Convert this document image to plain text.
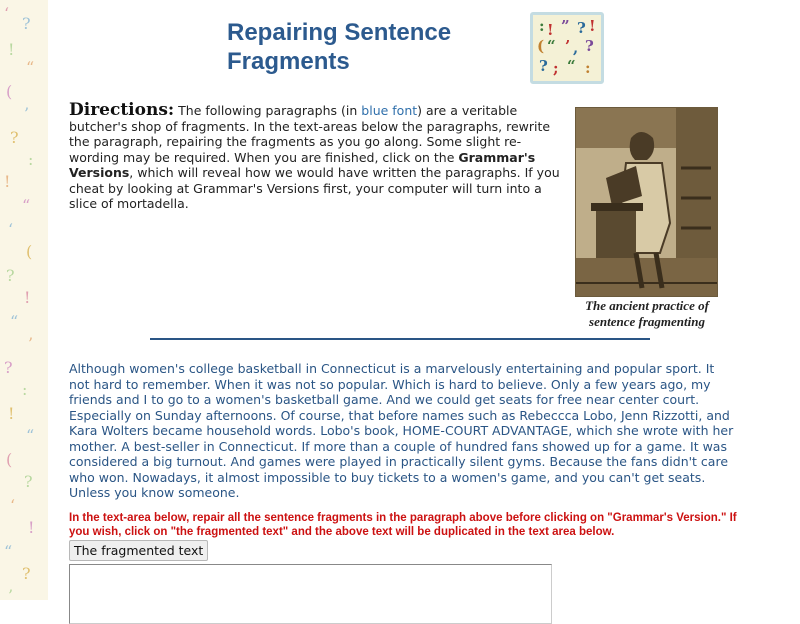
‘
?
!
“
(
’
?
:
!
“
‘
(
?
!
“
’
?
:
!
“
(
?
‘
!
“
?
’
Repairing Sentence
Fragments
: ! ” ? !
( “ ’ , ?
? ; “ :
Directions: The following paragraphs (in blue font) are a veritable butcher's shop of fragments. In the text-areas below the paragraphs, rewrite the paragraph, repairing the fragments as you go along. Some slight re-wording may be required. When you are finished, click on the Grammar's Versions, which will reveal how we would have written the paragraphs. If you cheat by looking at Grammar's Versions first, your computer will turn into a slice of mortadella.
The ancient practice of
sentence fragmenting

Although women's college basketball in Connecticut is a marvelously entertaining and popular sport. It not hard to remember. When it was not so popular. Which is hard to believe. Only a few years ago, my friends and I to go to a women's basketball game. And we could get seats for free near center court. Especially on Sunday afternoons. Of course, that before names such as Rebeccca Lobo, Jenn Rizzotti, and Kara Wolters became household words. Lobo's book, HOME-COURT ADVANTAGE, which she wrote with her mother. A best-seller in Connecticut. If more than a couple of hundred fans showed up for a game. It was considered a big turnout. And games were played in practically silent gyms. Because the fans didn't care who won. Nowadays, it almost impossible to buy tickets to a women's game, and you can't get seats. Unless you know someone.

In the text-area below, repair all the sentence fragments in the paragraph above before clicking on "Grammar's Version." If you wish, click on "the fragmented text" and the above text will be duplicated in the text area below.

The fragmented text
